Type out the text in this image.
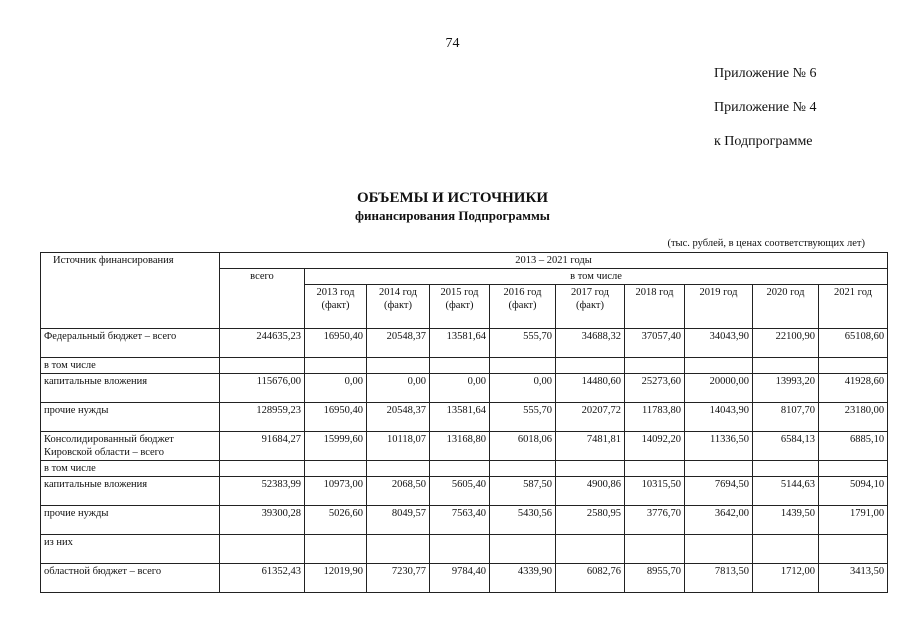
74
Приложение № 6
Приложение № 4
к Подпрограмме
ОБЪЕМЫ И ИСТОЧНИКИ
финансирования Подпрограммы
(тыс. рублей, в ценах соответствующих лет)
Источник финансирования	2013 – 2021 годы									
	всего	в том числе								
		2013 год (факт)	2014 год (факт)	2015 год (факт)	2016 год (факт)	2017 год (факт)	2018 год	2019 год	2020 год	2021 год
Федеральный бюджет – всего	244635,23	16950,40	20548,37	13581,64	555,70	34688,32	37057,40	34043,90	22100,90	65108,60
в том числе										
капитальные вложения	115676,00	0,00	0,00	0,00	0,00	14480,60	25273,60	20000,00	13993,20	41928,60
прочие нужды	128959,23	16950,40	20548,37	13581,64	555,70	20207,72	11783,80	14043,90	8107,70	23180,00
Консолидированный бюджет Кировской области – всего	91684,27	15999,60	10118,07	13168,80	6018,06	7481,81	14092,20	11336,50	6584,13	6885,10
в том числе										
капитальные вложения	52383,99	10973,00	2068,50	5605,40	587,50	4900,86	10315,50	7694,50	5144,63	5094,10
прочие нужды	39300,28	5026,60	8049,57	7563,40	5430,56	2580,95	3776,70	3642,00	1439,50	1791,00
из них										
областной бюджет – всего	61352,43	12019,90	7230,77	9784,40	4339,90	6082,76	8955,70	7813,50	1712,00	3413,50
